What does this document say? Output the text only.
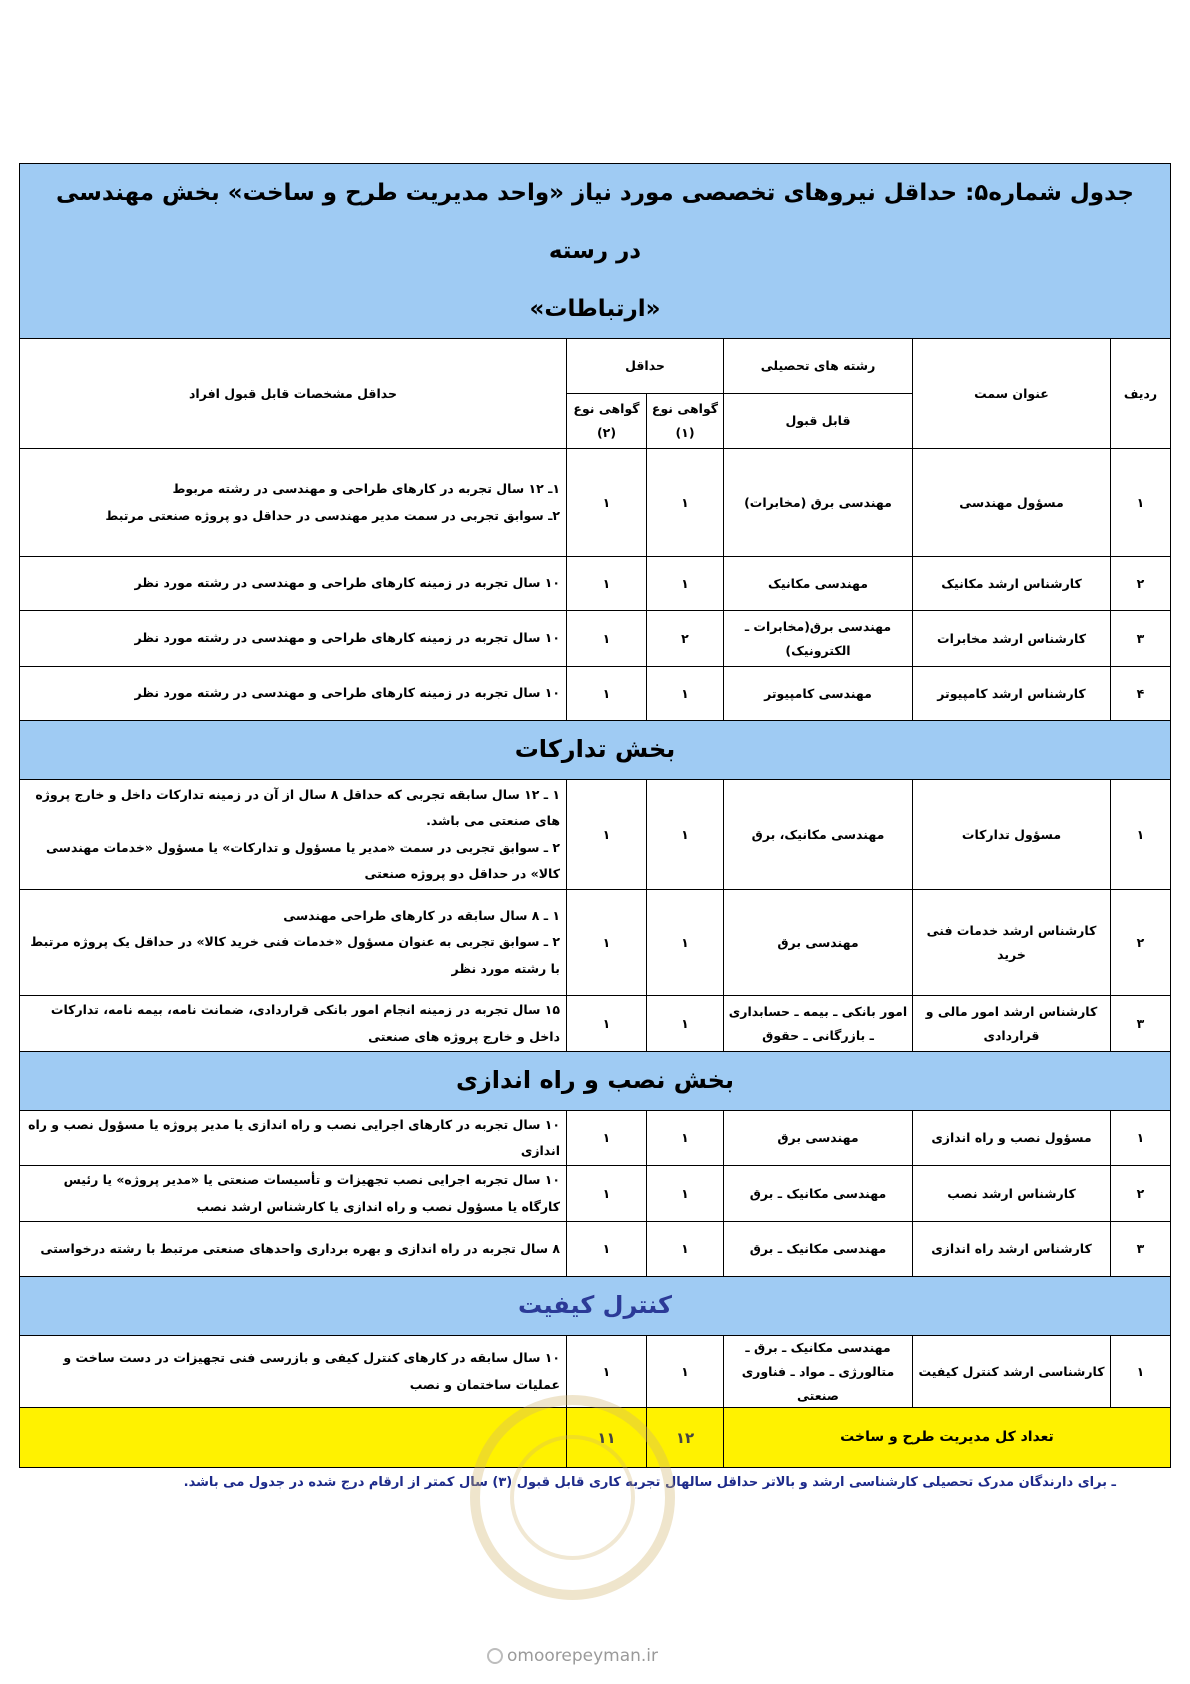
جدول شماره۵: حداقل نیروهای تخصصی مورد نیاز «واحد مدیریت طرح و ساخت» بخش مهندسی در رسته
«ارتباطات»					

ردیف	عنوان سمت	رشته های تحصیلی	حداقل		حداقل مشخصات قابل قبول افراد
		قابل قبول	گواهی نوع (۱)	گواهی نوع (۲)	
۱	مسؤول مهندسی	مهندسی برق (مخابرات)	۱	۱	۱ـ ۱۲ سال تجربه در کارهای طراحی و مهندسی در رشته مربوط
۲ـ سوابق تجربی در سمت مدیر مهندسی در حداقل دو پروژه صنعتی مرتبط

۲	کارشناس ارشد مکانیک	مهندسی مکانیک	۱	۱	۱۰ سال تجربه در زمینه کارهای طراحی و مهندسی در رشته مورد نظر

۳	کارشناس ارشد مخابرات	مهندسی برق(مخابرات ـ الکترونیک)	۲	۱	۱۰ سال تجربه در زمینه کارهای طراحی و مهندسی در رشته مورد نظر

۴	کارشناس ارشد کامپیوتر	مهندسی کامپیوتر	۱	۱	۱۰ سال تجربه در زمینه کارهای طراحی و مهندسی در رشته مورد نظر

بخش تدارکات					
۱	مسؤول تدارکات	مهندسی مکانیک، برق	۱	۱	۱ ـ ۱۲ سال سابقه تجربی که حداقل ۸ سال از آن در زمینه تدارکات داخل و خارج پروژه های صنعتی می باشد.
۲ ـ سوابق تجربی در سمت «مدیر یا مسؤول و تدارکات» یا مسؤول «خدمات مهندسی کالا» در حداقل دو پروژه صنعتی

۲	کارشناس ارشد خدمات فنی خرید	مهندسی برق	۱	۱	۱ ـ ۸ سال سابقه در کارهای طراحی مهندسی
۲ ـ سوابق تجربی به عنوان مسؤول «خدمات فنی خرید کالا» در حداقل یک پروژه مرتبط با رشته مورد نظر

۳	کارشناس ارشد امور مالی و قراردادی	امور بانکی ـ بیمه ـ حسابداری ـ بازرگانی ـ حقوق	۱	۱	۱۵ سال تجربه در زمینه انجام امور بانکی قراردادی، ضمانت نامه، بیمه نامه، تدارکات داخل و خارج پروژه های صنعتی

بخش نصب و راه اندازی					
۱	مسؤول نصب و راه اندازی	مهندسی برق	۱	۱	۱۰ سال تجربه در کارهای اجرایی نصب و راه اندازی یا مدیر پروژه یا مسؤول نصب و راه اندازی

۲	کارشناس ارشد نصب	مهندسی مکانیک ـ برق	۱	۱	۱۰ سال تجربه اجرایی نصب تجهیزات و تأسیسات صنعتی یا «مدیر پروژه» یا رئیس کارگاه یا مسؤول نصب و راه اندازی یا کارشناس ارشد نصب

۳	کارشناس ارشد راه اندازی	مهندسی مکانیک ـ برق	۱	۱	۸ سال تجربه در راه اندازی و بهره برداری واحدهای صنعتی مرتبط با رشته درخواستی

کنترل کیفیت					
۱	کارشناسی ارشد کنترل کیفیت	مهندسی مکانیک ـ برق ـ متالورژی ـ مواد ـ فناوری صنعتی	۱	۱	۱۰ سال سابقه در کارهای کنترل کیفی و بازرسی فنی تجهیزات در دست ساخت و عملیات ساختمان و نصب

تعداد کل مدیریت طرح و ساخت			۱۲	۱۱	
ـ برای دارندگان مدرک تحصیلی کارشناسی ارشد و بالاتر حداقل سالهال تجربه کاری قابل قبول (۳) سال کمتر از ارقام درج شده در جدول می باشد.
omoorepeyman.ir
